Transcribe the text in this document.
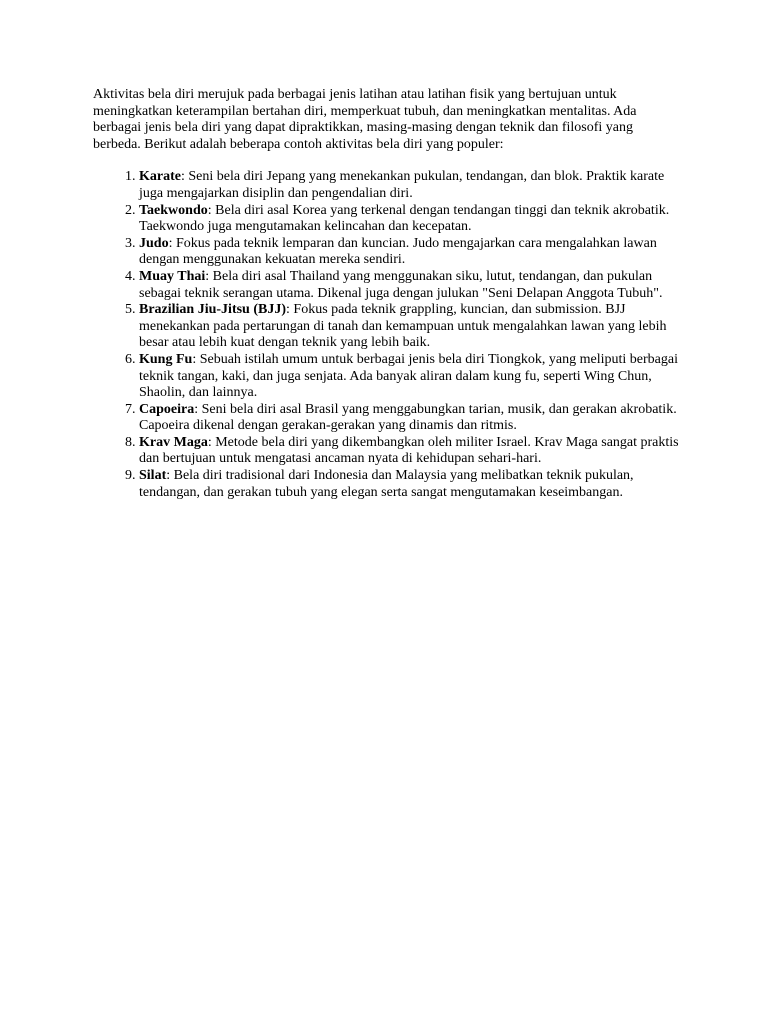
Aktivitas bela diri merujuk pada berbagai jenis latihan atau latihan fisik yang bertujuan untuk meningkatkan keterampilan bertahan diri, memperkuat tubuh, dan meningkatkan mentalitas. Ada berbagai jenis bela diri yang dapat dipraktikkan, masing-masing dengan teknik dan filosofi yang berbeda. Berikut adalah beberapa contoh aktivitas bela diri yang populer:

1. Karate: Seni bela diri Jepang yang menekankan pukulan, tendangan, dan blok. Praktik karate juga mengajarkan disiplin dan pengendalian diri.
2. Taekwondo: Bela diri asal Korea yang terkenal dengan tendangan tinggi dan teknik akrobatik. Taekwondo juga mengutamakan kelincahan dan kecepatan.
3. Judo: Fokus pada teknik lemparan dan kuncian. Judo mengajarkan cara mengalahkan lawan dengan menggunakan kekuatan mereka sendiri.
4. Muay Thai: Bela diri asal Thailand yang menggunakan siku, lutut, tendangan, dan pukulan sebagai teknik serangan utama. Dikenal juga dengan julukan "Seni Delapan Anggota Tubuh".
5. Brazilian Jiu-Jitsu (BJJ): Fokus pada teknik grappling, kuncian, dan submission. BJJ menekankan pada pertarungan di tanah dan kemampuan untuk mengalahkan lawan yang lebih besar atau lebih kuat dengan teknik yang lebih baik.
6. Kung Fu: Sebuah istilah umum untuk berbagai jenis bela diri Tiongkok, yang meliputi berbagai teknik tangan, kaki, dan juga senjata. Ada banyak aliran dalam kung fu, seperti Wing Chun, Shaolin, dan lainnya.
7. Capoeira: Seni bela diri asal Brasil yang menggabungkan tarian, musik, dan gerakan akrobatik. Capoeira dikenal dengan gerakan-gerakan yang dinamis dan ritmis.
8. Krav Maga: Metode bela diri yang dikembangkan oleh militer Israel. Krav Maga sangat praktis dan bertujuan untuk mengatasi ancaman nyata di kehidupan sehari-hari.
9. Silat: Bela diri tradisional dari Indonesia dan Malaysia yang melibatkan teknik pukulan, tendangan, dan gerakan tubuh yang elegan serta sangat mengutamakan keseimbangan.
